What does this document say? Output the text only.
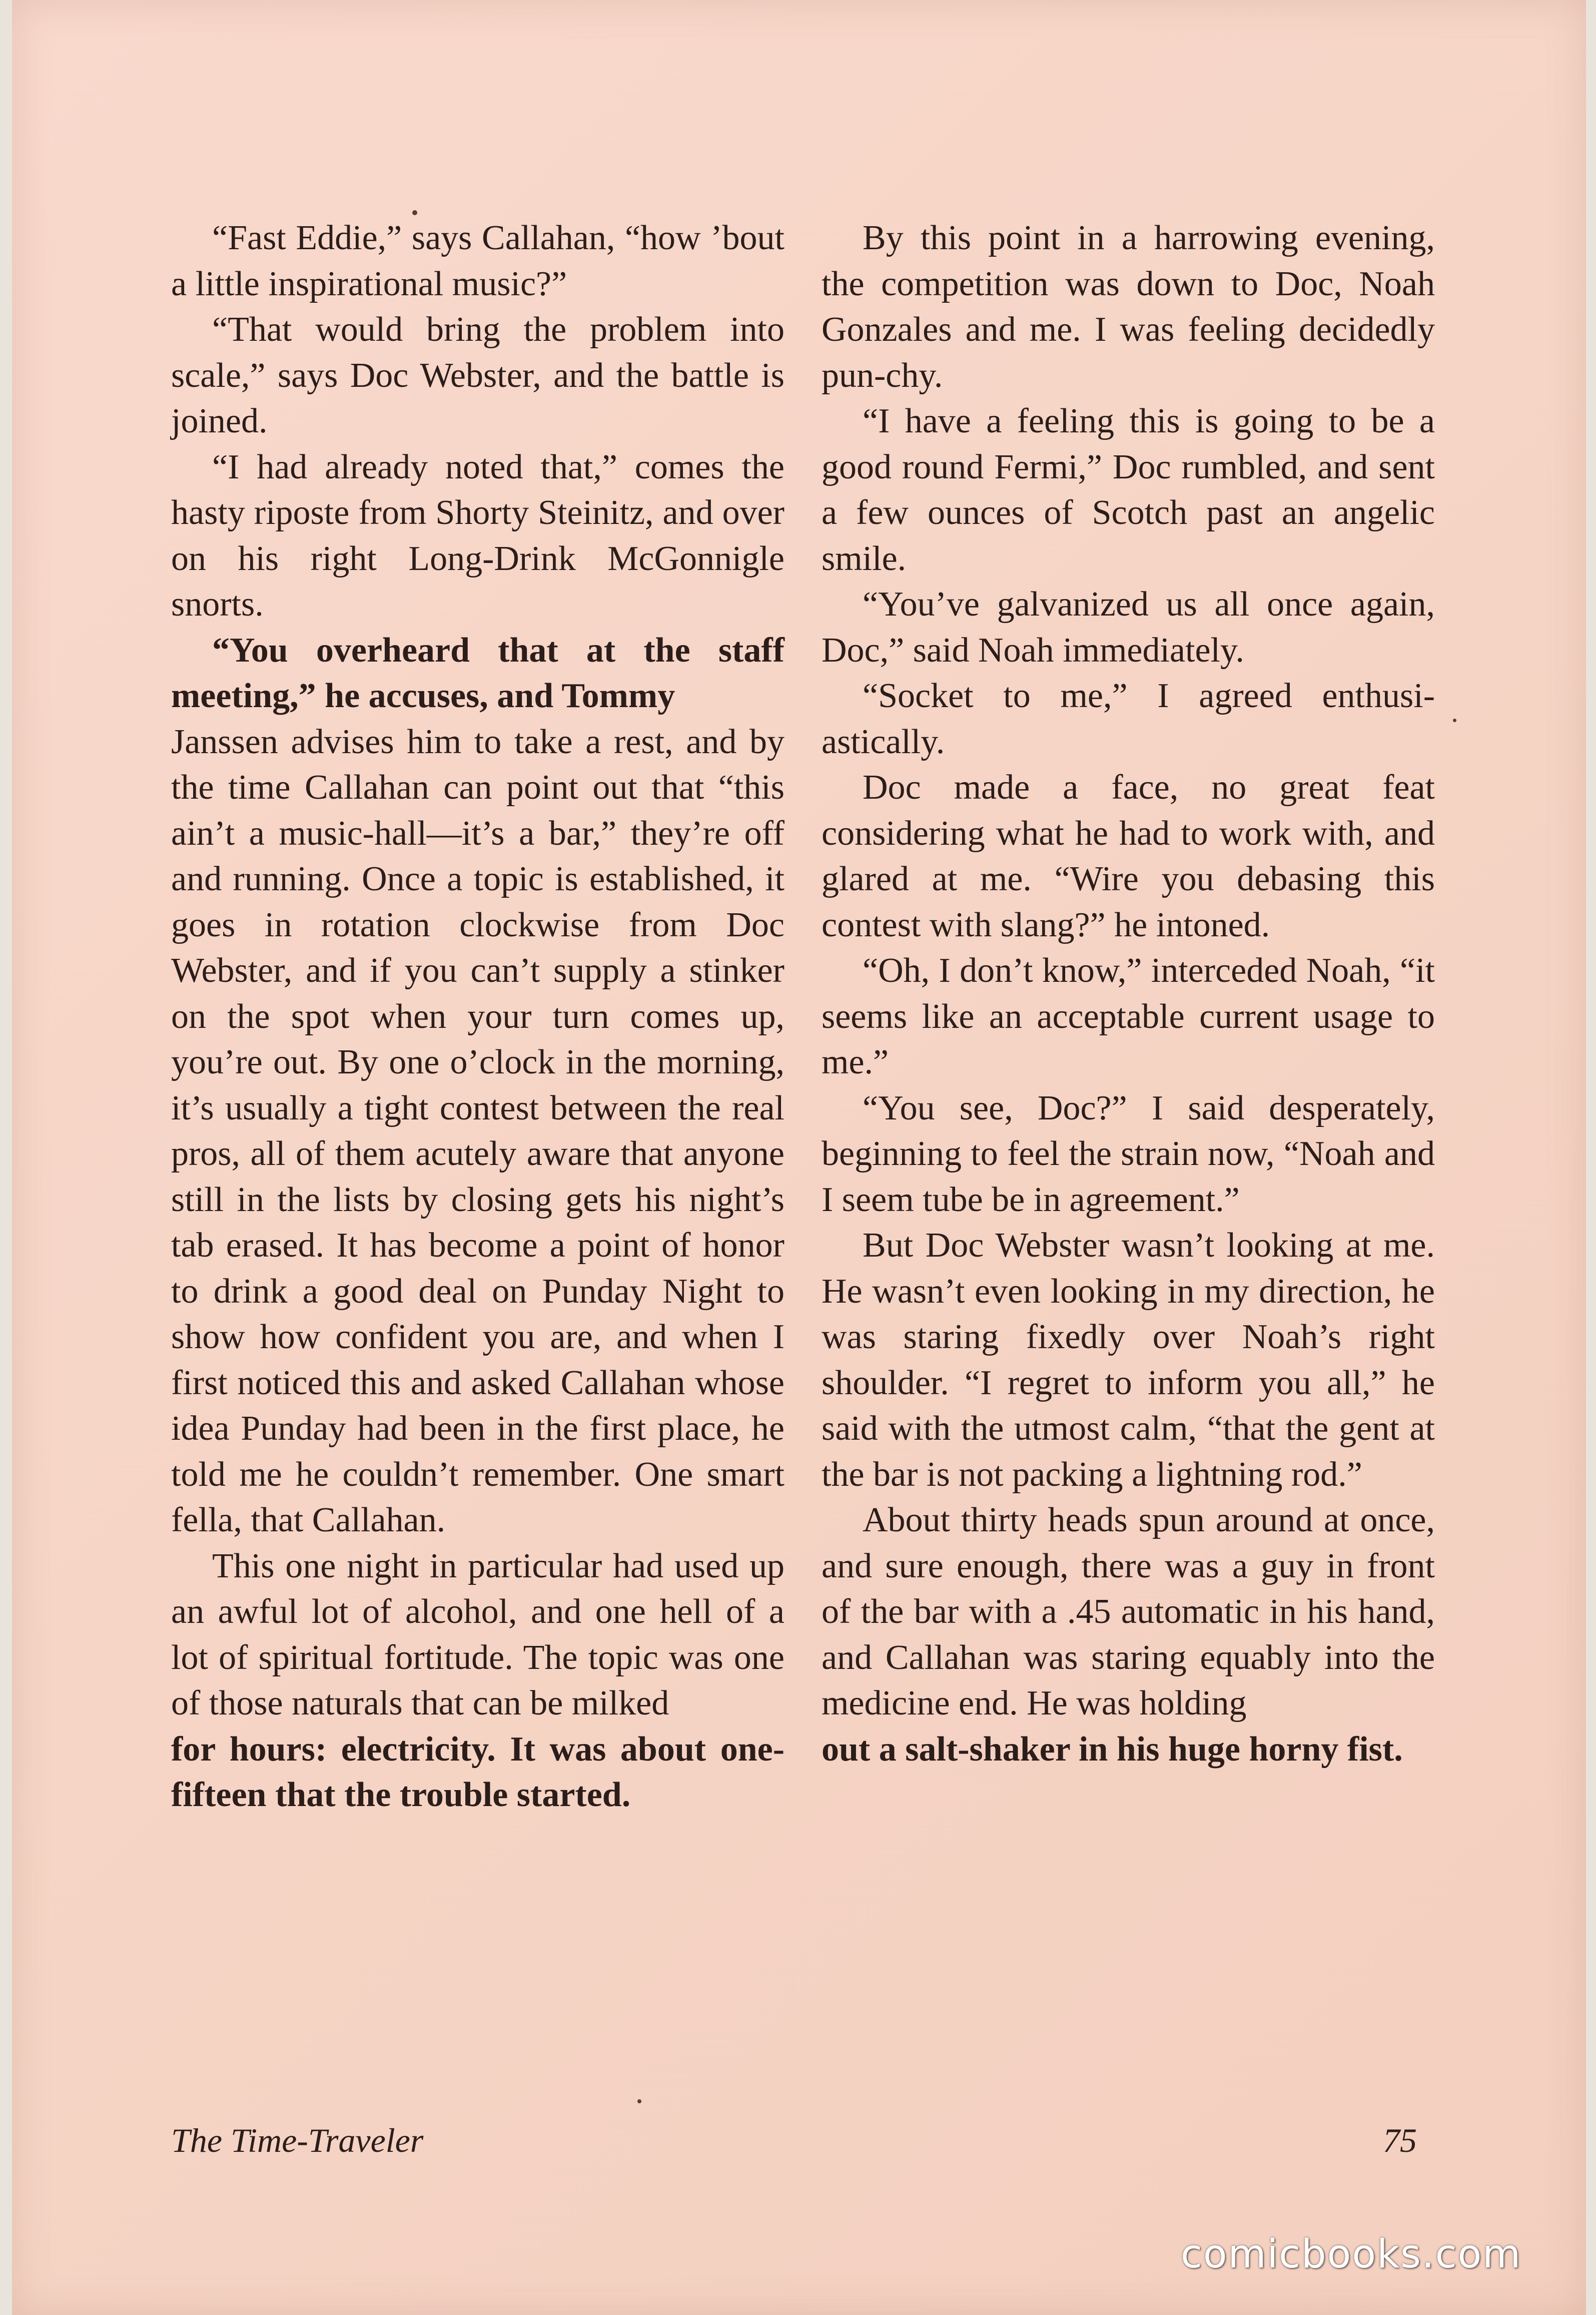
“Fast Eddie,” says Callahan, “how ’bout a little inspirational music?”

“That would bring the problem into scale,” says Doc Webster, and the battle is joined.

“I had already noted that,” comes the hasty riposte from Shorty Steinitz, and over on his right Long-Drink McGonnigle snorts.

“You overheard that at the staff meeting,” he accuses, and Tommy

Janssen advises him to take a rest, and by the time Callahan can point out that “this ain’t a music-hall—it’s a bar,” they’re off and running. Once a topic is established, it goes in rotation clockwise from Doc Webster, and if you can’t supply a stinker on the spot when your turn comes up, you’re out. By one o’clock in the morning, it’s usually a tight contest between the real pros, all of them acutely aware that anyone still in the lists by closing gets his night’s tab erased. It has become a point of honor to drink a good deal on Punday Night to show how confident you are, and when I first noticed this and asked Callahan whose idea Punday had been in the first place, he told me he couldn’t remember. One smart fella, that Callahan.

This one night in particular had used up an awful lot of alcohol, and one hell of a lot of spiritual fortitude. The topic was one of those naturals that can be milked

for hours: electricity. It was about one-fifteen that the trouble started.

By this point in a harrowing evening, the competition was down to Doc, Noah Gonzales and me. I was feeling decidedly pun-chy.

“I have a feeling this is going to be a good round Fermi,” Doc rumbled, and sent a few ounces of Scotch past an angelic smile.

“You’ve galvanized us all once again, Doc,” said Noah immediately.

“Socket to me,” I agreed enthusiastically.

Doc made a face, no great feat considering what he had to work with, and glared at me. “Wire you debasing this contest with slang?” he intoned.

“Oh, I don’t know,” interceded Noah, “it seems like an acceptable current usage to me.”

“You see, Doc?” I said desperately, beginning to feel the strain now, “Noah and I seem tube be in agreement.”

But Doc Webster wasn’t looking at me. He wasn’t even looking in my direction, he was staring fixedly over Noah’s right shoulder. “I regret to inform you all,” he said with the utmost calm, “that the gent at the bar is not packing a lightning rod.”

About thirty heads spun around at once, and sure enough, there was a guy in front of the bar with a .45 automatic in his hand, and Callahan was staring equably into the medicine end. He was holding

out a salt-shaker in his huge horny fist.

The Time-Traveler	75
comicbooks.com
